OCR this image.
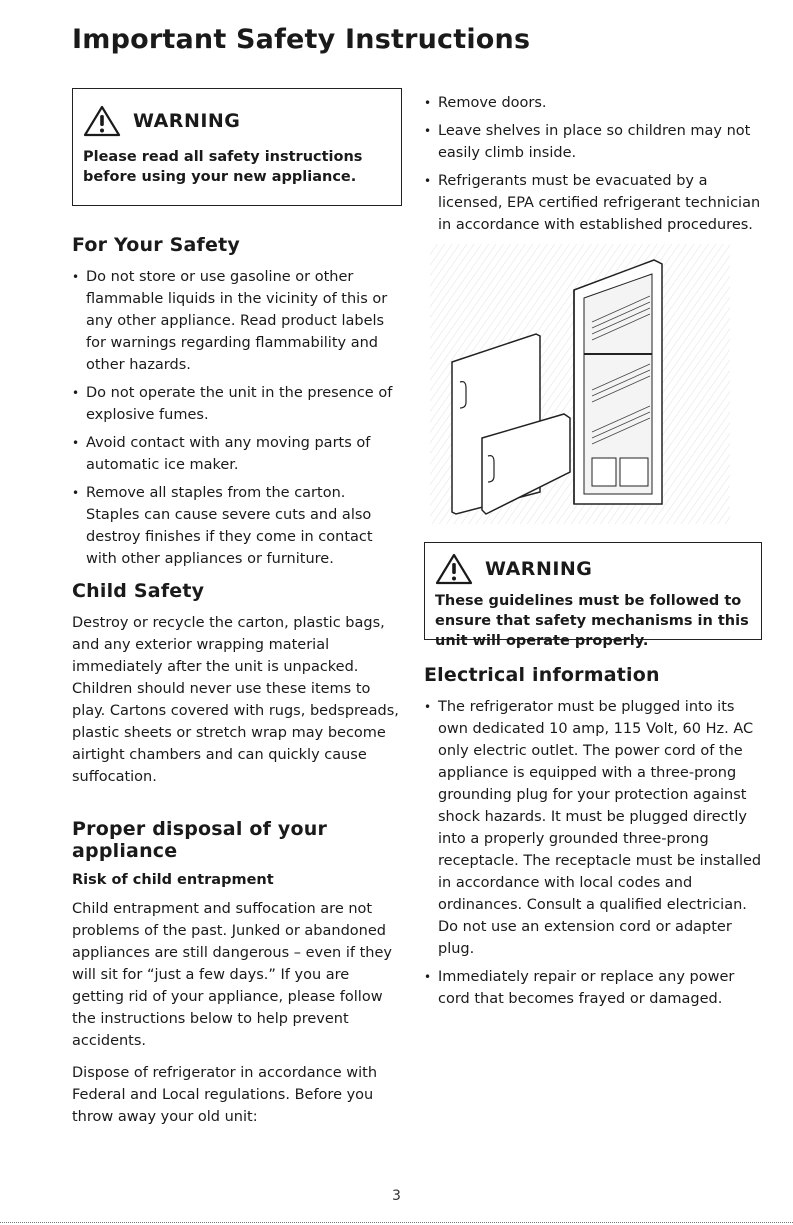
Important Safety Instructions
WARNING
Please read all safety instructions before using your new appliance.
For Your Safety
• Do not store or use gasoline or other flammable liquids in the vicinity of this or any other appliance. Read product labels for warnings regarding flammability and other hazards.
• Do not operate the unit in the presence of explosive fumes.
• Avoid contact with any moving parts of automatic ice maker.
• Remove all staples from the carton. Staples can cause severe cuts and also destroy finishes if they come in contact with other appliances or furniture.
Child Safety

Destroy or recycle the carton, plastic bags, and any exterior wrapping material immediately after the unit is unpacked. Children should never use these items to play. Cartons covered with rugs, bedspreads, plastic sheets or stretch wrap may become airtight chambers and can quickly cause suffocation.

Proper disposal of your appliance
Risk of child entrapment

Child entrapment and suffocation are not problems of the past. Junked or abandoned appliances are still dangerous – even if they will sit for “just a few days.” If you are getting rid of your appliance, please follow the instructions below to help prevent accidents.

Dispose of refrigerator in accordance with Federal and Local regulations. Before you throw away your old unit:

• Remove doors.
• Leave shelves in place so children may not easily climb inside.
• Refrigerants must be evacuated by a licensed, EPA certified refrigerant technician in accordance with established procedures.
WARNING
These guidelines must be followed to ensure that safety mechanisms in this unit will operate properly.
Electrical information
• The refrigerator must be plugged into its own dedicated 10 amp, 115 Volt, 60 Hz. AC only electric outlet. The power cord of the appliance is equipped with a three-prong grounding plug for your protection against shock hazards. It must be plugged directly into a properly grounded three-prong receptacle. The receptacle must be installed in accordance with local codes and ordinances. Consult a qualified electrician. Do not use an extension cord or adapter plug.
• Immediately repair or replace any power cord that becomes frayed or damaged.
3
